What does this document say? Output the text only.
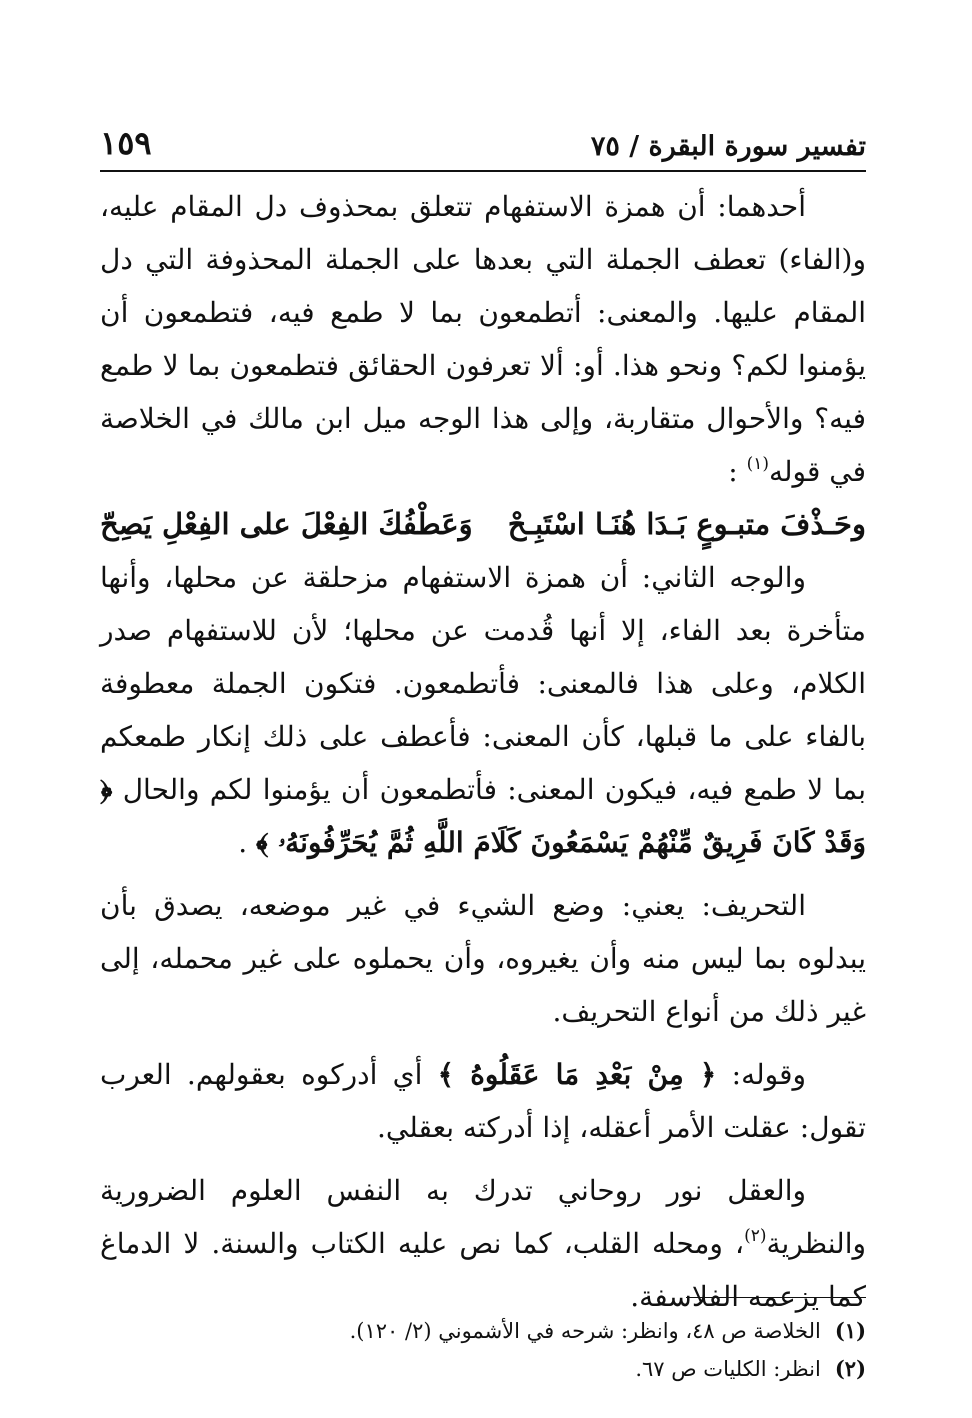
تفسير سورة البقرة / ٧٥
١٥٩

أحدهما: أن همزة الاستفهام تتعلق بمحذوف دل المقام عليه، و(الفاء) تعطف الجملة التي بعدها على الجملة المحذوفة التي دل المقام عليها. والمعنى: أتطمعون بما لا طمع فيه، فتطمعون أن يؤمنوا لكم؟ ونحو هذا. أو: ألا تعرفون الحقائق فتطمعون بما لا طمع فيه؟ والأحوال متقاربة، وإلى هذا الوجه ميل ابن مالك في الخلاصة في قوله$^{(١)}$ :

وحَـذْفَ متبـوعٍ بَـدَا هُنَـا اسْتَبِـحْ
وَعَطْفُكَ الفِعْلَ على الفِعْلِ يَصِحّ

والوجه الثاني: أن همزة الاستفهام مزحلقة عن محلها، وأنها متأخرة بعد الفاء، إلا أنها قُدمت عن محلها؛ لأن للاستفهام صدر الكلام، وعلى هذا فالمعنى: فأتطمعون. فتكون الجملة معطوفة بالفاء على ما قبلها، كأن المعنى: فأعطف على ذلك إنكار طمعكم بما لا طمع فيه، فيكون المعنى: فأتطمعون أن يؤمنوا لكم والحال ﴿ وَقَدْ كَانَ فَرِيقٌ مِّنْهُمْ يَسْمَعُونَ كَلَامَ اللَّهِ ثُمَّ يُحَرِّفُونَهُۥ ﴾ .

التحريف: يعني: وضع الشيء في غير موضعه، يصدق بأن يبدلوه بما ليس منه وأن يغيروه، وأن يحملوه على غير محمله، إلى غير ذلك من أنواع التحريف.

وقوله: ﴿ مِنْ بَعْدِ مَا عَقَلُوهُ ﴾ أي أدركوه بعقولهم. العرب تقول: عقلت الأمر أعقله، إذا أدركته بعقلي.

والعقل نور روحاني تدرك به النفس العلوم الضرورية والنظرية$^{(٢)}$، ومحله القلب، كما نص عليه الكتاب والسنة. لا الدماغ كما يزعمه الفلاسفة.

(١)الخلاصة ص ٤٨، وانظر: شرحه في الأشموني (٢/ ١٢٠).

(٢)انظر: الكليات ص ٦٧.
